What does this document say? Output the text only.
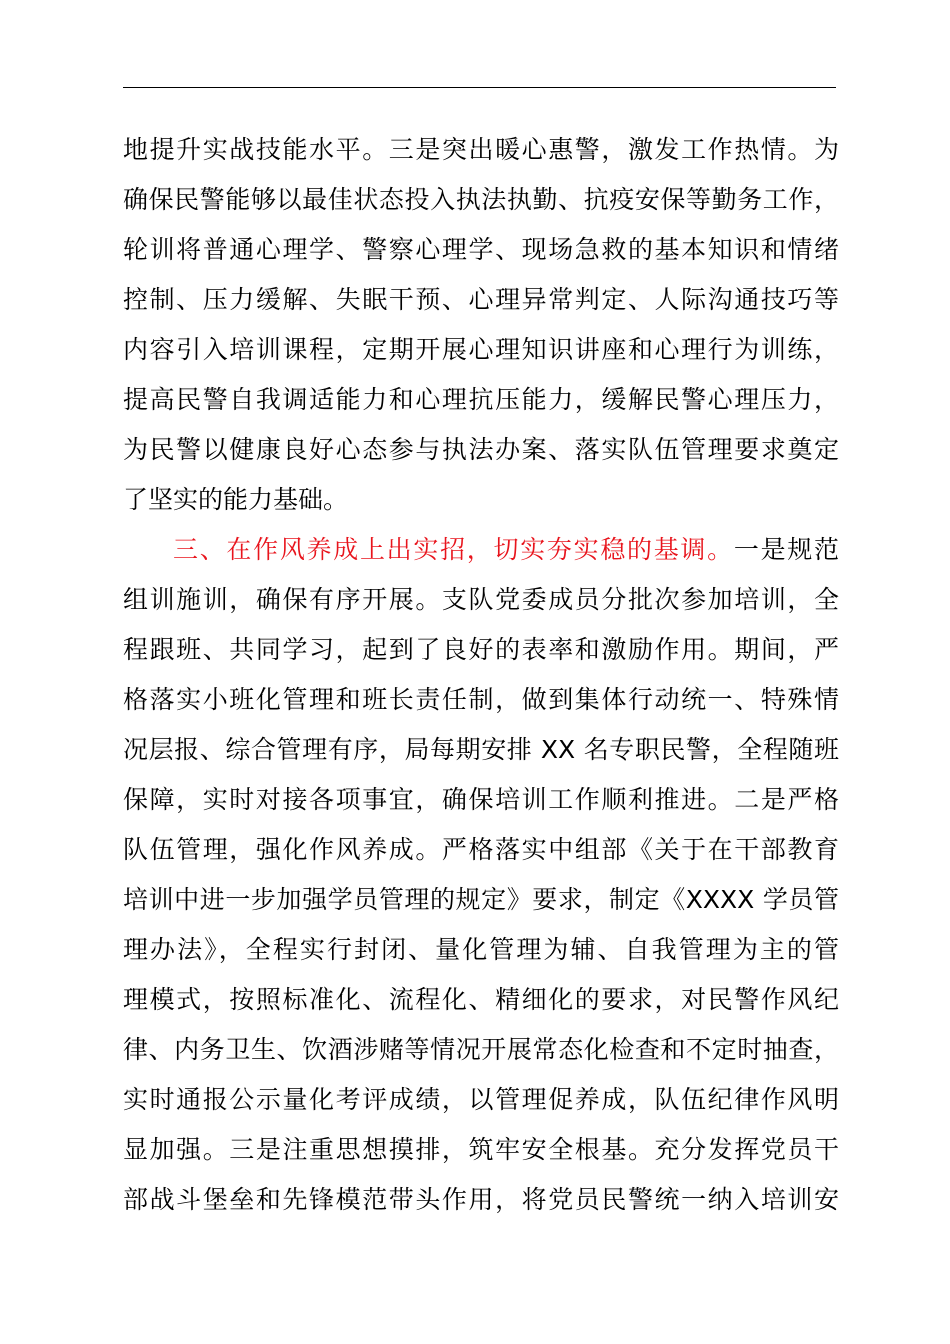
地提升实战技能水平。三是突出暖心惠警，激发工作热情。为
确保民警能够以最佳状态投入执法执勤、抗疫安保等勤务工作，
轮训将普通心理学、警察心理学、现场急救的基本知识和情绪
控制、压力缓解、失眠干预、心理异常判定、人际沟通技巧等
内容引入培训课程，定期开展心理知识讲座和心理行为训练，
提高民警自我调适能力和心理抗压能力，缓解民警心理压力，
为民警以健康良好心态参与执法办案、落实队伍管理要求奠定
了坚实的能力基础。
三、在作风养成上出实招，切实夯实稳的基调。一是规范
组训施训，确保有序开展。支队党委成员分批次参加培训，全
程跟班、共同学习，起到了良好的表率和激励作用。期间，严
格落实小班化管理和班长责任制，做到集体行动统一、特殊情
况层报、综合管理有序，局每期安排 XX 名专职民警，全程随班
保障，实时对接各项事宜，确保培训工作顺利推进。二是严格
队伍管理，强化作风养成。严格落实中组部《关于在干部教育
培训中进一步加强学员管理的规定》要求，制定《XXXX 学员管
理办法》，全程实行封闭、量化管理为辅、自我管理为主的管
理模式，按照标准化、流程化、精细化的要求，对民警作风纪
律、内务卫生、饮酒涉赌等情况开展常态化检查和不定时抽查，
实时通报公示量化考评成绩，以管理促养成，队伍纪律作风明
显加强。三是注重思想摸排，筑牢安全根基。充分发挥党员干
部战斗堡垒和先锋模范带头作用，将党员民警统一纳入培训安
